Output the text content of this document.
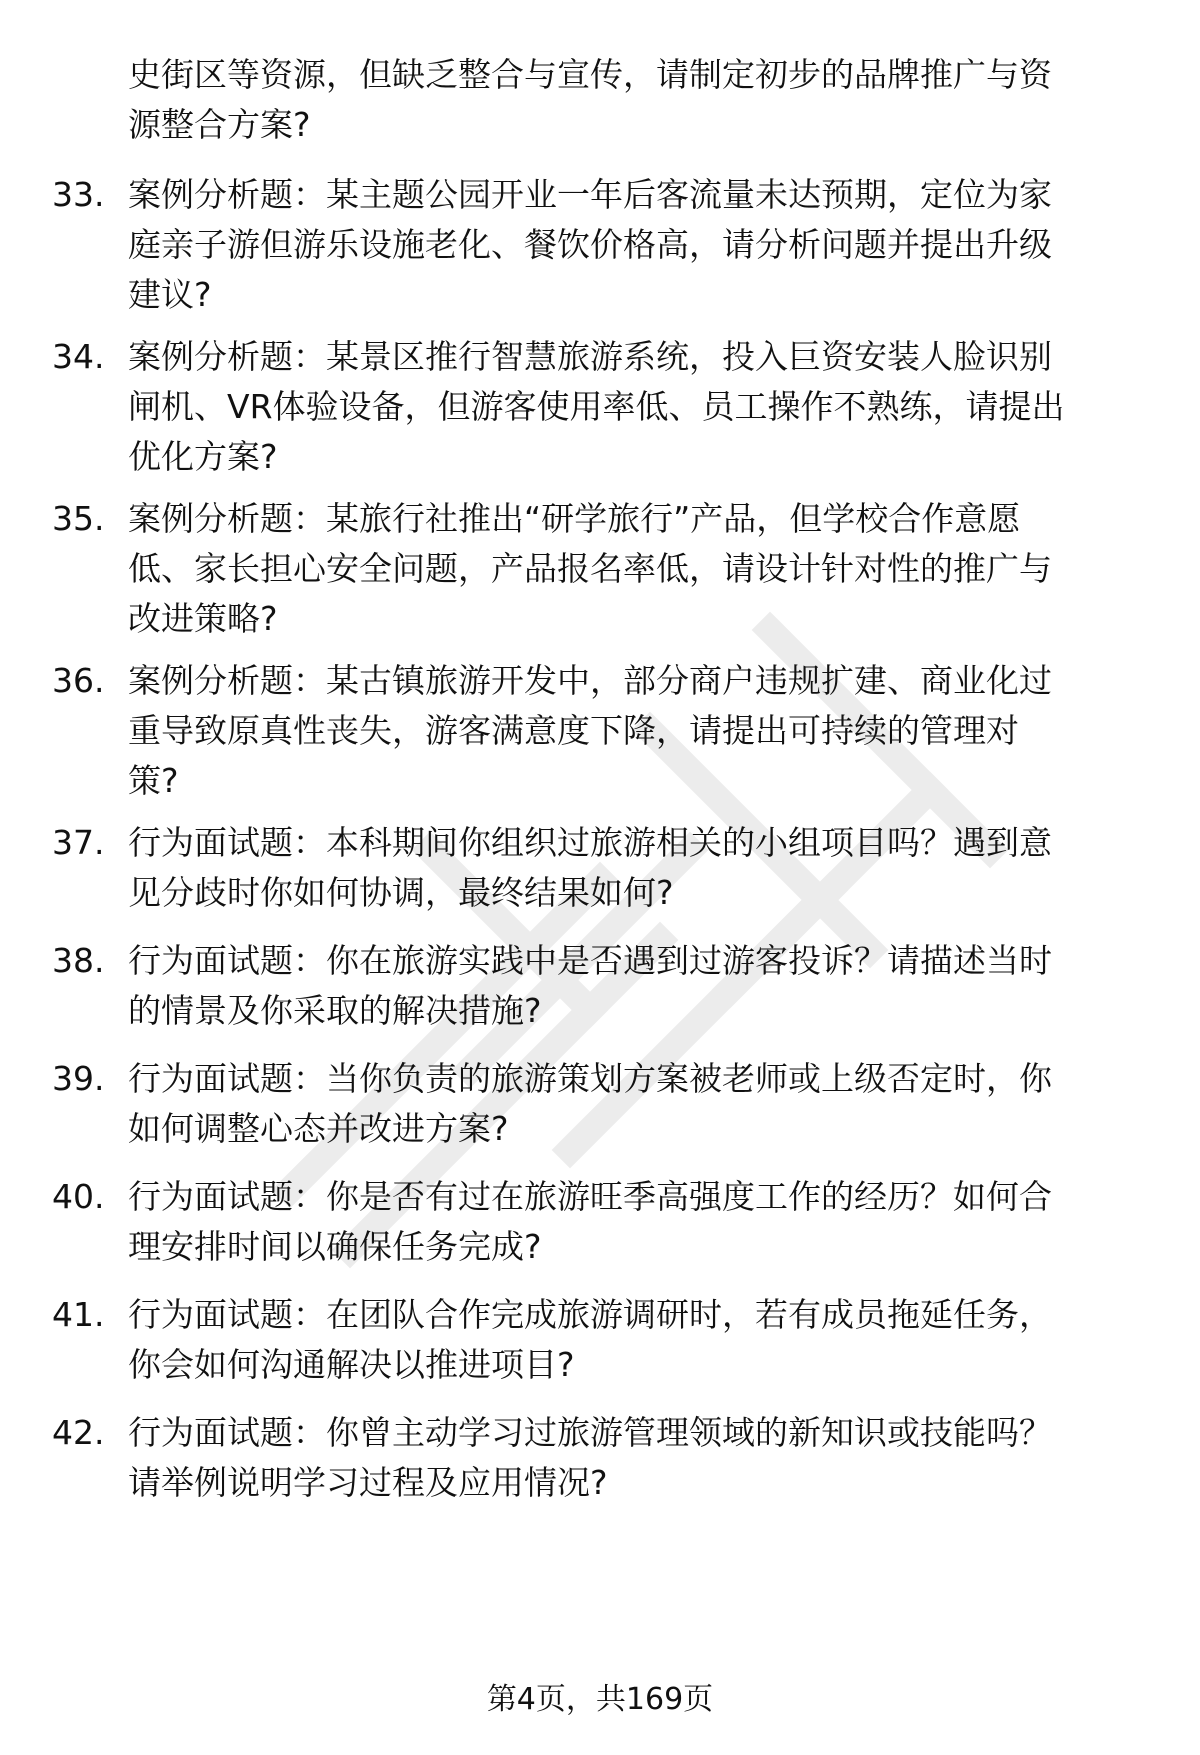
史街区等资源，但缺乏整合与宣传，请制定初步的品牌推广与资
源整合方案?
33. 案例分析题：某主题公园开业一年后客流量未达预期，定位为家
庭亲子游但游乐设施老化、餐饮价格高，请分析问题并提出升级
建议?
34. 案例分析题：某景区推行智慧旅游系统，投入巨资安装人脸识别
闸机、VR体验设备，但游客使用率低、员工操作不熟练，请提出
优化方案?
35. 案例分析题：某旅行社推出“研学旅行”产品，但学校合作意愿
低、家长担心安全问题，产品报名率低，请设计针对性的推广与
改进策略?
36. 案例分析题：某古镇旅游开发中，部分商户违规扩建、商业化过
重导致原真性丧失，游客满意度下降，请提出可持续的管理对
策?
37. 行为面试题：本科期间你组织过旅游相关的小组项目吗？遇到意
见分歧时你如何协调，最终结果如何?
38. 行为面试题：你在旅游实践中是否遇到过游客投诉？请描述当时
的情景及你采取的解决措施?
39. 行为面试题：当你负责的旅游策划方案被老师或上级否定时，你
如何调整心态并改进方案?
40. 行为面试题：你是否有过在旅游旺季高强度工作的经历？如何合
理安排时间以确保任务完成?
41. 行为面试题：在团队合作完成旅游调研时，若有成员拖延任务，
你会如何沟通解决以推进项目?
42. 行为面试题：你曾主动学习过旅游管理领域的新知识或技能吗？
请举例说明学习过程及应用情况?
第4页，共169页
